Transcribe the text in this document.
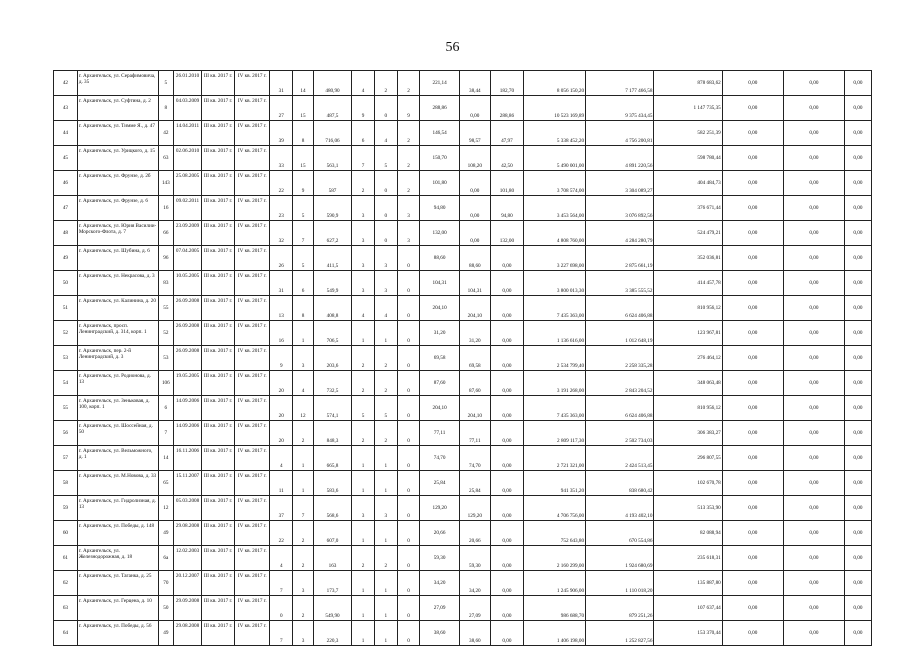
56
42	г. Архангельск, ул. Серафимовича, д. 35	5	26.01.2010	III кв. 2017 г.	IV кв. 2017 г.	31	14	480,90	4	2	2	221,14	38,44	182,70	8 056 150,20	7 177 466,58	878 683,62	0,00	0,00	0,00
43	г. Архангельск, ул. Суфтина, д. 2	8	04.03.2009	III кв. 2017 г.	IV кв. 2017 г.	27	15	487,5	9	0	9	288,86	0,00	288,86	10 523 169,89	9 375 434,45	1 147 735,35	0,00	0,00	0,00
44	г. Архангельск, ул. Тимме Я., д. 47	42	14.04.2011	III кв. 2017 г.	IV кв. 2017 г.	39	8	716,06	6	4	2	146,54	98,57	47,97	5 338 452,20	4 756 200,81	582 251,39	0,00	0,00	0,00
45	г. Архангельск, ул. Урицкого, д. 15	63	02.06.2010	III кв. 2017 г.	IV кв. 2017 г.	33	15	563,1	7	5	2	150,70	108,20	42,50	5 490 001,00	4 891 220,56	598 780,44	0,00	0,00	0,00
46	г. Архангельск, ул. Фрунзе, д. 2б	143	25.08.2005	III кв. 2017 г.	IV кв. 2017 г.	22	9	587	2	0	2	101,80	0,00	101,80	3 708 574,00	3 304 089,27	404 484,73	0,00	0,00	0,00
47	г. Архангельск, ул. Фрунзе, д. 6	16	09.02.2011	III кв. 2017 г.	IV кв. 2017 г.	23	5	590,9	3	0	3	94,80	0,00	94,80	3 453 564,00	3 076 892,56	376 671,44	0,00	0,00	0,00
48	г. Архангельск, ул. Юрия Василии-Морского-Флота, д. 7	66	23.09.2009	III кв. 2017 г.	IV кв. 2017 г.	32	7	627,2	3	0	3	132,00	0,00	132,00	4 808 760,00	4 284 280,79	524 479,21	0,00	0,00	0,00
49	г. Архангельск, ул. Шубина, д. 6	96	07.04.2005	III кв. 2017 г.	IV кв. 2017 г.	26	5	411,5	3	3	0	88,60	88,60	0,00	3 227 698,00	2 875 661,19	352 036,81	0,00	0,00	0,00
50	г. Архангельск, ул. Некрасова, д. 3	83	10.05.2005	III кв. 2017 г.	IV кв. 2017 г.	31	6	549,9	3	3	0	104,31	104,31	0,00	3 800 013,30	3 385 555,52	414 457,78	0,00	0,00	0,00
51	г. Архангельск, ул. Калинина, д. 20	55	26.09.2008	III кв. 2017 г.	IV кв. 2017 г.	13	8	408,8	4	4	0	204,10	204,10	0,00	7 435 363,00	6 624 406,88	810 956,12	0,00	0,00	0,00
52	г. Архангельск, просп. Ленинградский, д. 314, корп. 1	52	26.09.2008	III кв. 2017 г.	IV кв. 2017 г.	16	1	706,5	1	1	0	31,20	31,20	0,00	1 136 616,00	1 012 648,19	123 967,81	0,00	0,00	0,00
53	г. Архангельск, пер. 2-й Ленинградский, д. 3	53	26.09.2008	III кв. 2017 г.	IV кв. 2017 г.	9	3	203,6	2	2	0	69,58	69,58	0,00	2 534 799,40	2 258 335,28	276 464,12	0,00	0,00	0,00
54	г. Архангельск, ул. Родионова, д. 13	106	19.05.2005	III кв. 2017 г.	IV кв. 2017 г.	20	4	732,5	2	2	0	87,60	87,60	0,00	3 191 268,00	2 843 204,52	348 063,48	0,00	0,00	0,00
55	г. Архангельск, ул. Зеньковая, д. 100, корп. 1	6	14.09.2006	III кв. 2017 г.	IV кв. 2017 г.	20	12	574,1	5	5	0	204,10	204,10	0,00	7 435 363,00	6 624 406,88	810 956,12	0,00	0,00	0,00
56	г. Архангельск, ул. Шоссейная, д. 50	7	14.09.2006	III кв. 2017 г.	IV кв. 2017 г.	20	2	848,3	2	2	0	77,11	77,11	0,00	2 809 117,30	2 502 734,03	306 383,27	0,00	0,00	0,00
57	г. Архангельск, ул. Вельможного, д. 1	14	16.11.2006	III кв. 2017 г.	IV кв. 2017 г.	4	1	665,8	1	1	0	74,70	74,70	0,00	2 721 321,00	2 424 513,45	296 807,55	0,00	0,00	0,00
58	г. Архангельск, ул. М.Новова, д. 33	65	15.11.2007	III кв. 2017 г.	IV кв. 2017 г.	11	1	583,6	1	1	0	25,84	25,84	0,00	941 351,20	838 680,42	102 670,78	0,00	0,00	0,00
59	г. Архангельск, ул. Гидролизная, д. 13	12	05.03.2008	III кв. 2017 г.	IV кв. 2017 г.	37	7	568,6	3	3	0	129,20	129,20	0,00	4 706 756,00	4 193 402,10	513 353,90	0,00	0,00	0,00
60	г. Архангельск, ул. Победы, д. 148	49	29.08.2008	III кв. 2017 г.	IV кв. 2017 г.	22	2	607,0	1	1	0	20,66	20,66	0,00	752 643,80	670 554,86	82 088,94	0,00	0,00	0,00
61	г. Архангельск, ул. Железнодорожная, д. 18	6а	12.02.2003	III кв. 2017 г.	IV кв. 2017 г.	4	2	163	2	2	0	59,30	59,30	0,00	2 160 299,00	1 924 680,69	235 618,31	0,00	0,00	0,00
62	г. Архангельск, ул. Таганка, д. 25	70	20.12.2007	III кв. 2017 г.	IV кв. 2017 г.	7	3	173,7	1	1	0	34,20	34,20	0,00	1 245 906,00	1 110 018,20	135 887,80	0,00	0,00	0,00
63	г. Архангельск, ул. Герцена, д. 10	50	29.09.2008	III кв. 2017 г.	IV кв. 2017 г.	0	2	549,90	1	1	0	27,09	27,09	0,00	986 688,70	879 251,26	107 637,44	0,00	0,00	0,00
64	г. Архангельск, ул. Победы, д. 56	49	29.08.2008	III кв. 2017 г.	IV кв. 2017 г.	7	3	220,3	1	1	0	38,60	38,60	0,00	1 406 198,00	1 252 827,56	153 370,44	0,00	0,00	0,00
